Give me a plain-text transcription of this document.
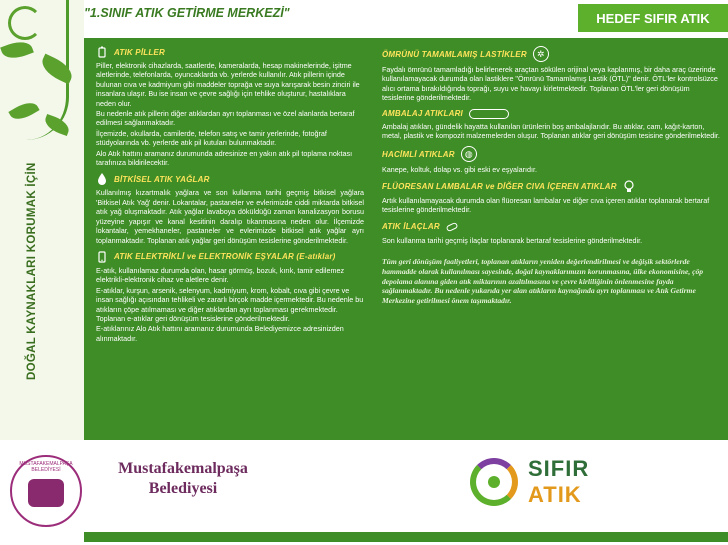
DOĞAL KAYNAKLARI KORUMAK İÇİN
"1.SINIF ATIK GETİRME MERKEZİ"	HEDEF SIFIR ATIK
ATIK PİLLER

Piller, elektronik cihazlarda, saatlerde, kameralarda, hesap makinelerinde, işitme aletlerinde, telefonlarda, oyuncaklarda vb. yerlerde kullanılır. Atık pillerin içinde bulunan cıva ve kadmiyum gibi maddeler toprağa ve suya karışarak besin zinciri ile insanlara ulaşır. Bu ise insan ve çevre sağlığı için tehlike oluşturur, hastalıklara neden olur.

Bu nedenle atık pillerin diğer atıklardan ayrı toplanması ve özel alanlarda bertaraf edilmesi sağlanmaktadır.

İlçemizde, okullarda, camilerde, telefon satış ve tamir yerlerinde, fotoğraf stüdyolarında vb. yerlerde atık pil kutuları bulunmaktadır.

Alo Atık hattını aramanız durumunda adresinize en yakın atık pil toplama noktası tarafınıza bildirilecektir.

BİTKİSEL ATIK YAĞLAR

Kullanılmış kızartmalık yağlara ve son kullanma tarihi geçmiş bitkisel yağlara 'Bitkisel Atık Yağ' denir. Lokantalar, pastaneler ve evlerimizde ciddi miktarda bitkisel atık yağ oluşmaktadır. Atık yağlar lavaboya döküldüğü zaman kanalizasyon borusu yüzeyine yapışır ve kanal kesitinin daralıp tıkanmasına neden olur. İlçemizde lokantalar, yemekhaneler, pastaneler ve evlerimizde bitkisel atık yağlar ayrı toplanmaktadır. Toplanan atık yağlar geri dönüşüm tesislerine gönderilmektedir.

ATIK ELEKTRİKLİ ve ELEKTRONİK EŞYALAR (E-atıklar)

E-atık, kullanılamaz durumda olan, hasar görmüş, bozuk, kırık, tamir edilemez elektrikli-elektronik cihaz ve aletlere denir.

E-atıklar, kurşun, arsenik, selenyum, kadmiyum, krom, kobalt, cıva gibi çevre ve insan sağlığı açısından tehlikeli ve zararlı birçok madde içermektedir. Bu nedenle bu atıkların çöpe atılmaması ve diğer atıklardan ayrı toplanması gerekmektedir. Toplanan e-atıklar geri dönüşüm tesislerine gönderilmektedir.

E-atıklarınız Alo Atık hattını aramanız durumunda Belediyemizce adresinizden alınmaktadır.

ÖMRÜNÜ TAMAMLAMIŞ LASTİKLER	✲

Faydalı ömrünü tamamladığı belirlenerek araçtan sökülen orijinal veya kaplanmış, bir daha araç üzerinde kullanılamayacak durumda olan lastiklere "Ömrünü Tamamlamış Lastik (ÖTL)" denir. ÖTL'ler kontrolsüzce alıcı ortama bırakıldığında toprağı, suyu ve havayı kirletmektedir. Toplanan ÖTL'ler geri dönüşüm tesislerine gönderilmektedir.

AMBALAJ ATIKLARI

Ambalaj atıkları, gündelik hayatta kullanılan ürünlerin boş ambalajlarıdır. Bu atıklar, cam, kağıt-karton, metal, plastik ve kompozit malzemelerden oluşur. Toplanan atıklar geri dönüşüm tesisine gönderilmektedir.

HACİMLİ ATIKLAR	◍

Kanepe, koltuk, dolap vs. gibi eski ev eşyalarıdır.

FLÜORESAN LAMBALAR ve DİĞER CIVA İÇEREN ATIKLAR

Artık kullanılamayacak durumda olan flüoresan lambalar ve diğer cıva içeren atıklar toplanarak bertaraf tesislerine gönderilmektedir.

ATIK İLAÇLAR

Son kullanma tarihi geçmiş ilaçlar toplanarak bertaraf tesislerine gönderilmektedir.

Tüm geri dönüşüm faaliyetleri, toplanan atıkların yeniden değerlendirilmesi ve değişik sektörlerde hammadde olarak kullanılması sayesinde, doğal kaynaklarımızın korunmasına, ülke ekonomisine, çöp depolama alanına giden atık miktarının azaltılmasına ve çevre kirliliğinin önlenmesine fayda sağlanmaktadır. Bu nedenle yukarıda yer alan atıkların kaynağında ayrı toplanması ve Atık Getirme Merkezine getirilmesi önem taşımaktadır.
MUSTAFAKEMALPAŞA BELEDİYESİ	Mustafakemalpaşa
Belediyesi
SIFIR
ATIK
